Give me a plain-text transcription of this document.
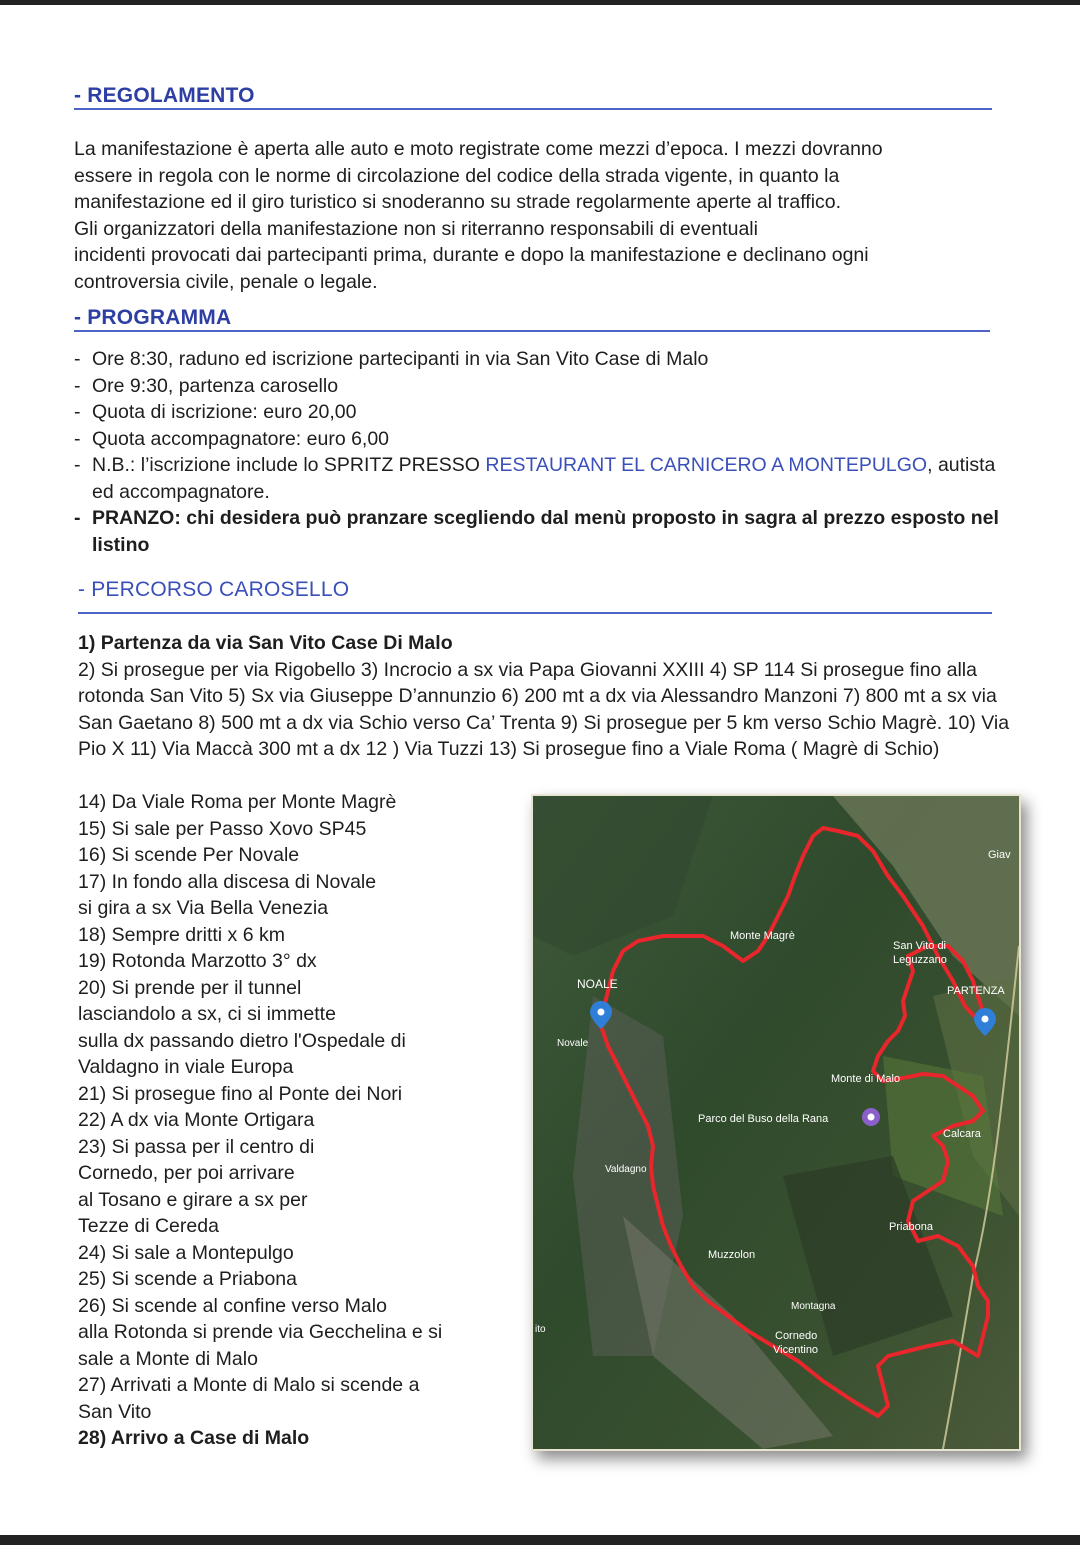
- REGOLAMENTO

La manifestazione è aperta alle auto e moto registrate come mezzi d’epoca. I mezzi dovranno

essere in regola con le norme di circolazione del codice della strada vigente, in quanto la

manifestazione ed il giro turistico si snoderanno su strade regolarmente aperte al traffico.

Gli organizzatori della manifestazione non si riterranno responsabili di eventuali

incidenti provocati dai partecipanti prima, durante e dopo la manifestazione e declinano ogni

controversia civile, penale o legale.

- PROGRAMMA
- Ore 8:30, raduno ed iscrizione partecipanti in via San Vito Case di Malo
- Ore 9:30, partenza carosello
- Quota di iscrizione: euro 20,00
- Quota accompagnatore: euro 6,00
- N.B.: l’iscrizione include lo SPRITZ PRESSO RESTAURANT EL CARNICERO A MONTEPULGO, autista ed accompagnatore.
- PRANZO: chi desidera può pranzare scegliendo dal menù proposto in sagra al prezzo esposto nel listino
- PERCORSO CAROSELLO
1) Partenza da via San Vito Case Di Malo
2) Si prosegue per via Rigobello 3) Incrocio a sx via Papa Giovanni XXIII 4) SP 114 Si prosegue fino alla rotonda San Vito 5) Sx via Giuseppe D’annunzio 6) 200 mt a dx via Alessandro Manzoni 7) 800 mt a sx via San Gaetano 8) 500 mt a dx via Schio verso Ca’ Trenta 9) Si prosegue per 5 km verso Schio Magrè. 10) Via Pio X 11) Via Maccà 300 mt a dx 12 ) Via Tuzzi 13) Si prosegue fino a Viale Roma ( Magrè di Schio)
14) Da Viale Roma per Monte Magrè
15) Si sale per Passo Xovo SP45
16) Si scende Per Novale
17) In fondo alla discesa di Novale
si gira a sx Via Bella Venezia
18) Sempre dritti x 6 km
19) Rotonda Marzotto 3° dx
20) Si prende per il tunnel
lasciandolo a sx, ci si immette
sulla dx passando dietro l'Ospedale di
Valdagno in viale Europa
21) Si prosegue fino al Ponte dei Nori
22) A dx via Monte Ortigara
23) Si passa per il centro di
Cornedo, per poi arrivare
al Tosano e girare a sx per
Tezze di Cereda
24) Si sale a Montepulgo
25) Si scende a Priabona
26) Si scende al confine verso Malo
alla Rotonda si prende via Gecchelina e si
sale a Monte di Malo
27) Arrivati a Monte di Malo si scende a
San Vito
28) Arrivo a Case di Malo
Monte Magrè
San Vito di
Leguzzano
PARTENZA
Giav
NOALE
Novale
Monte di Malo
Parco del Buso della Rana
Calcara
Valdagno
Priabona
Muzzolon
Montagna
Cornedo
Vicentino
ito
